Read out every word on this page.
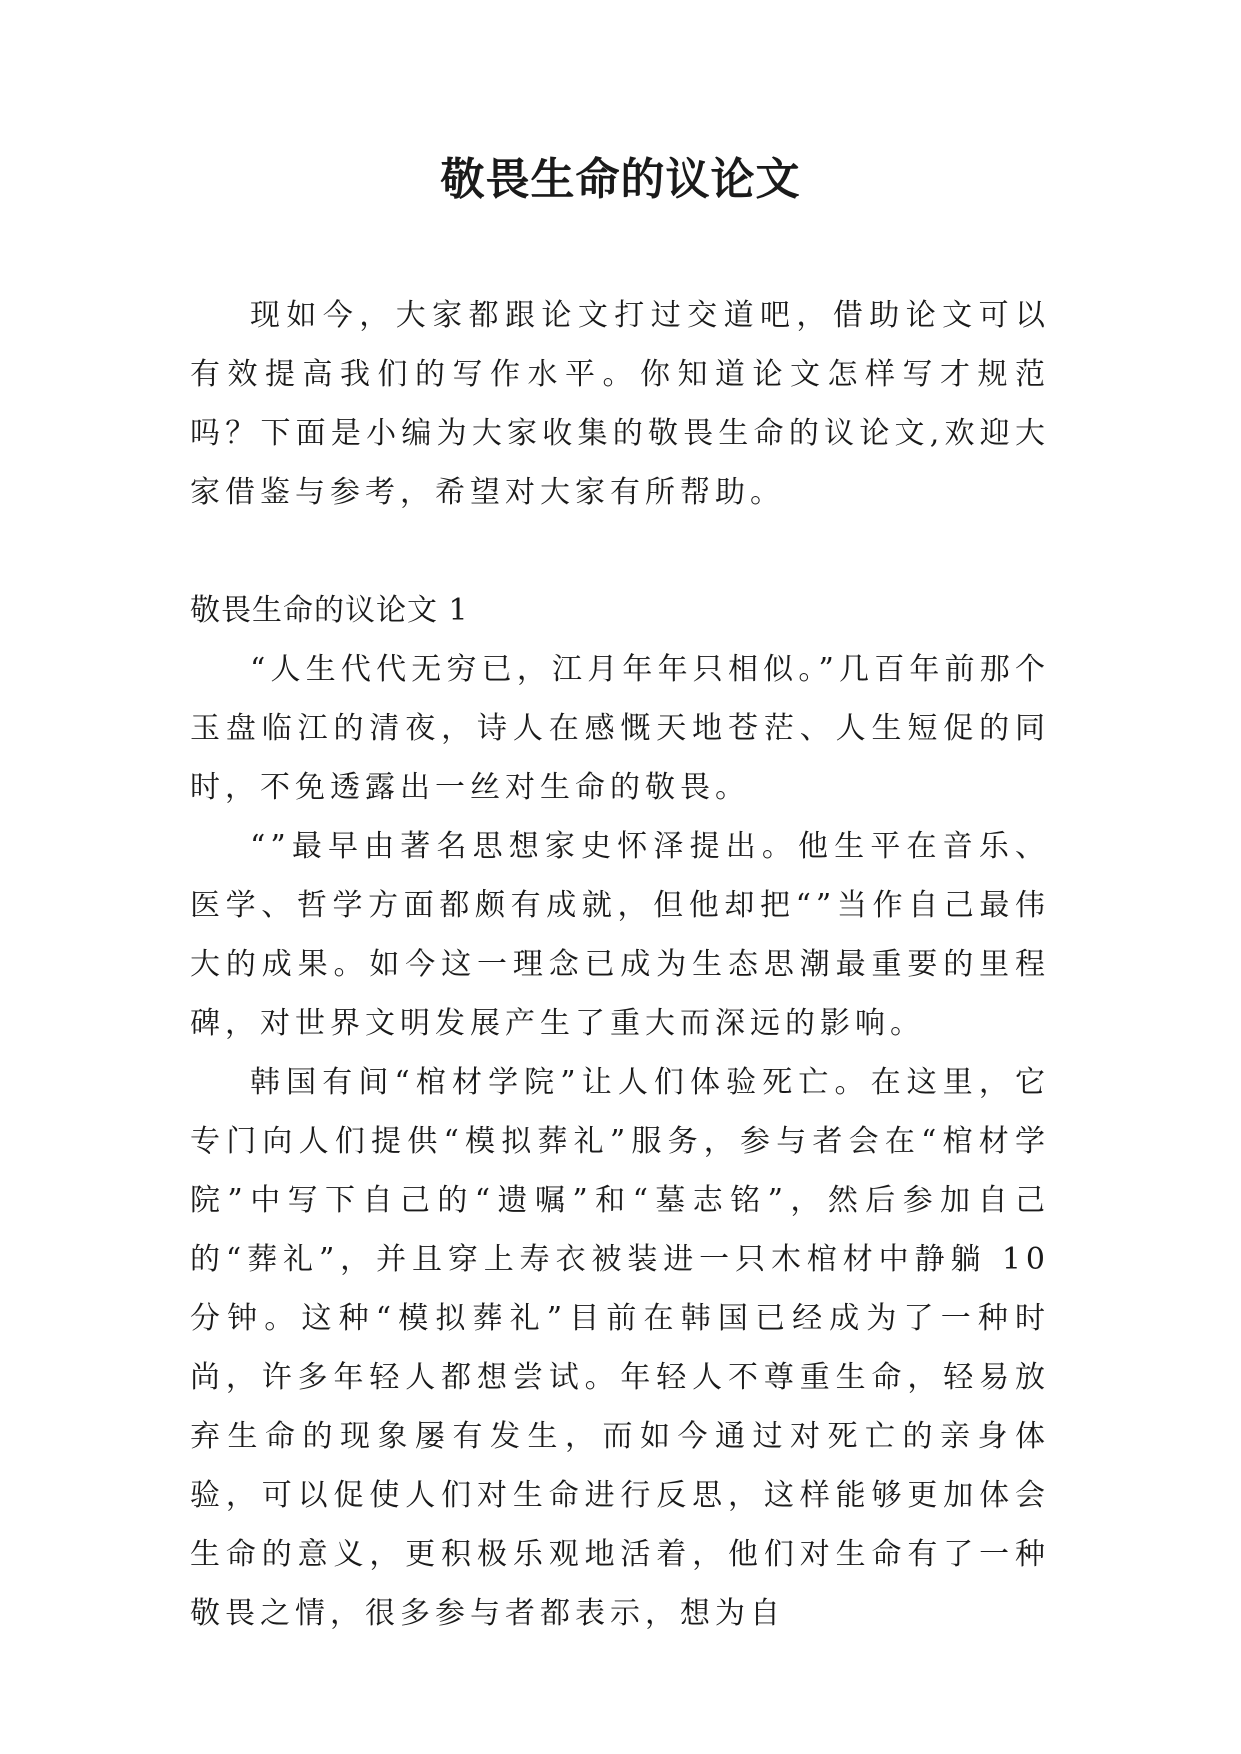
敬畏生命的议论文

现如今，大家都跟论文打过交道吧，借助论文可以有效提高我们的写作水平。你知道论文怎样写才规范吗？下面是小编为大家收集的敬畏生命的议论文,欢迎大家借鉴与参考，希望对大家有所帮助。

敬畏生命的议论文 1

“人生代代无穷已，江月年年只相似。”几百年前那个玉盘临江的清夜，诗人在感慨天地苍茫、人生短促的同时，不免透露出一丝对生命的敬畏。

“”最早由著名思想家史怀泽提出。他生平在音乐、医学、哲学方面都颇有成就，但他却把“”当作自己最伟大的成果。如今这一理念已成为生态思潮最重要的里程碑，对世界文明发展产生了重大而深远的影响。

韩国有间“棺材学院”让人们体验死亡。在这里，它专门向人们提供“模拟葬礼”服务，参与者会在“棺材学院”中写下自己的“遗嘱”和“墓志铭”，然后参加自己的“葬礼”，并且穿上寿衣被装进一只木棺材中静躺 10 分钟。这种“模拟葬礼”目前在韩国已经成为了一种时尚，许多年轻人都想尝试。年轻人不尊重生命，轻易放弃生命的现象屡有发生，而如今通过对死亡的亲身体验，可以促使人们对生命进行反思，这样能够更加体会生命的意义，更积极乐观地活着，他们对生命有了一种敬畏之情，很多参与者都表示，想为自
